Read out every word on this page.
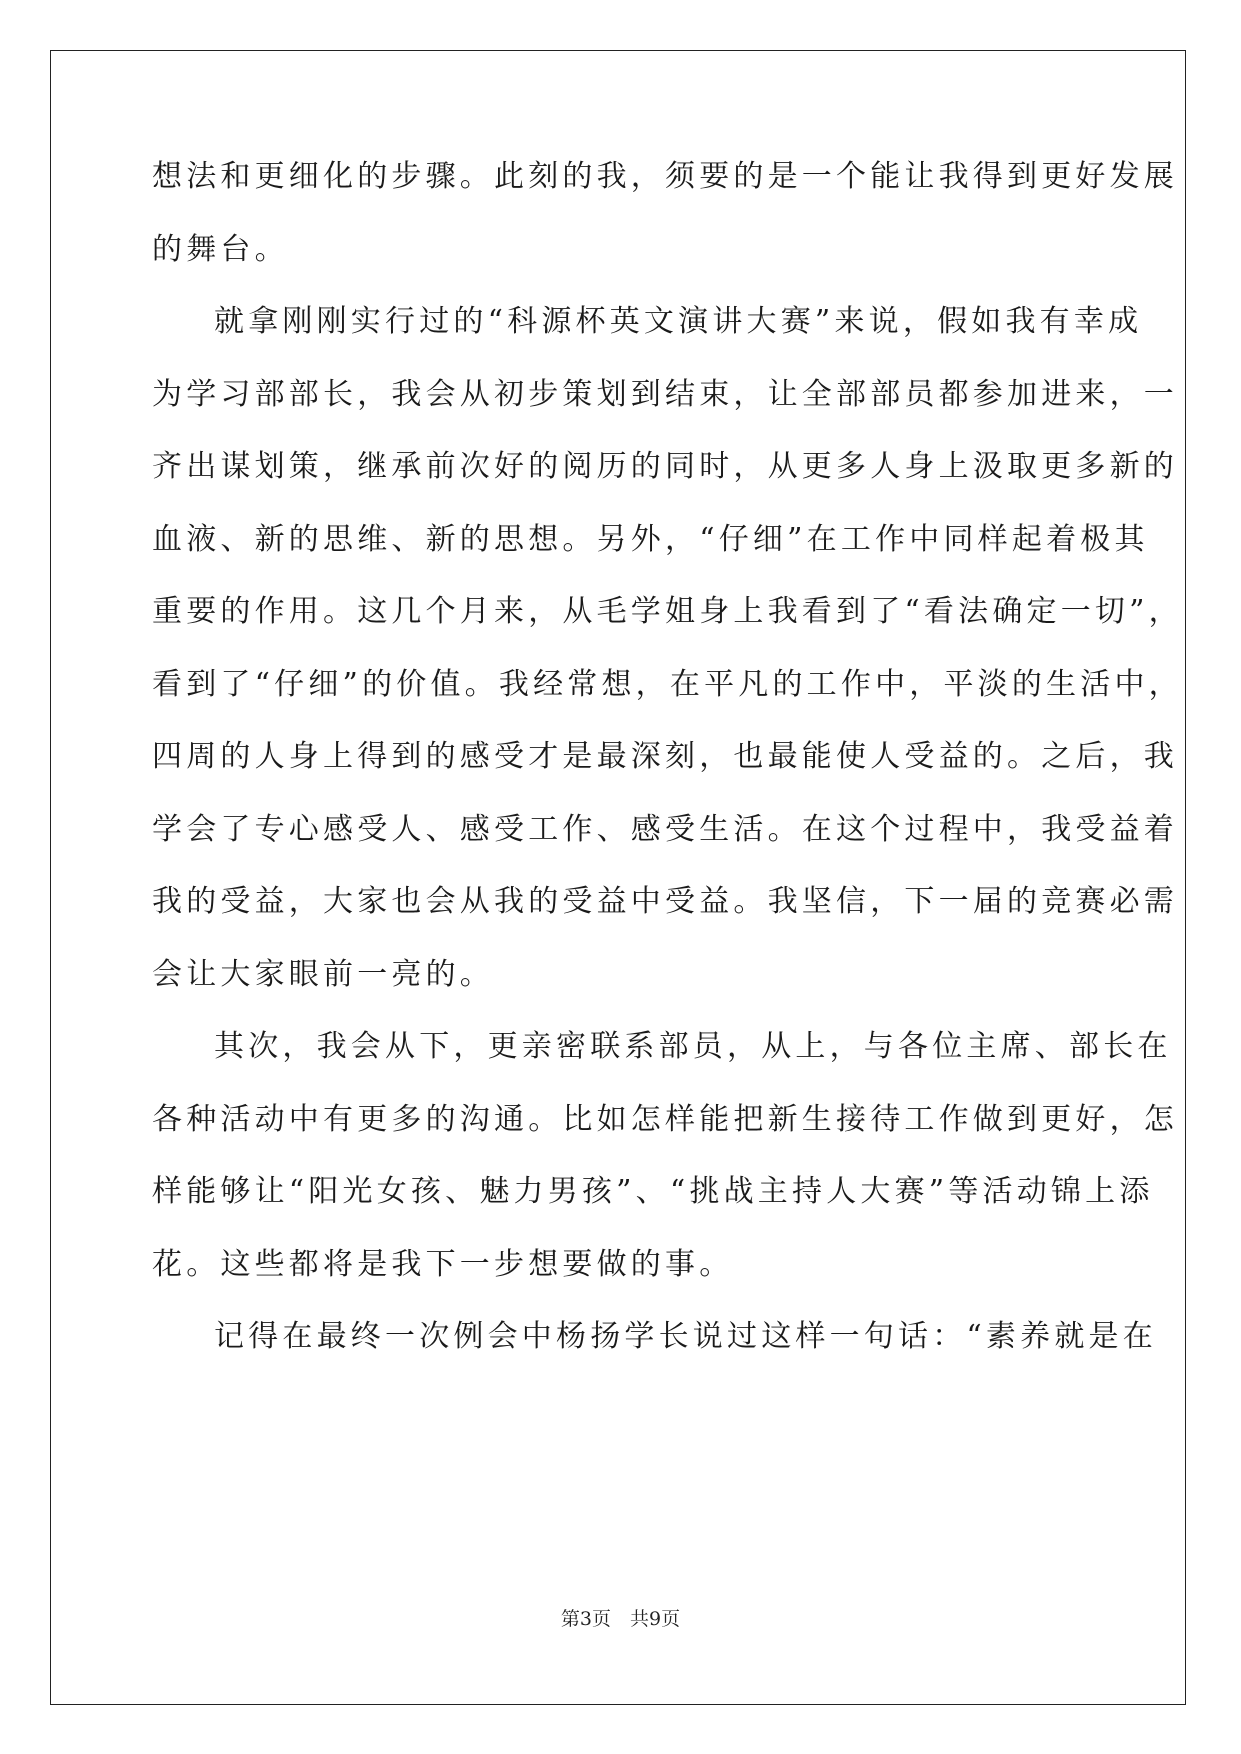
想法和更细化的步骤。此刻的我，须要的是一个能让我得到更好发展
的舞台。
就拿刚刚实行过的“科源杯英文演讲大赛”来说，假如我有幸成
为学习部部长，我会从初步策划到结束，让全部部员都参加进来，一
齐出谋划策，继承前次好的阅历的同时，从更多人身上汲取更多新的
血液、新的思维、新的思想。另外，“仔细”在工作中同样起着极其
重要的作用。这几个月来，从毛学姐身上我看到了“看法确定一切”，
看到了“仔细”的价值。我经常想，在平凡的工作中，平淡的生活中，
四周的人身上得到的感受才是最深刻，也最能使人受益的。之后，我
学会了专心感受人、感受工作、感受生活。在这个过程中，我受益着
我的受益，大家也会从我的受益中受益。我坚信，下一届的竞赛必需
会让大家眼前一亮的。
其次，我会从下，更亲密联系部员，从上，与各位主席、部长在
各种活动中有更多的沟通。比如怎样能把新生接待工作做到更好，怎
样能够让“阳光女孩、魅力男孩”、“挑战主持人大赛”等活动锦上添
花。这些都将是我下一步想要做的事。
记得在最终一次例会中杨扬学长说过这样一句话：“素养就是在
第3页　共9页
